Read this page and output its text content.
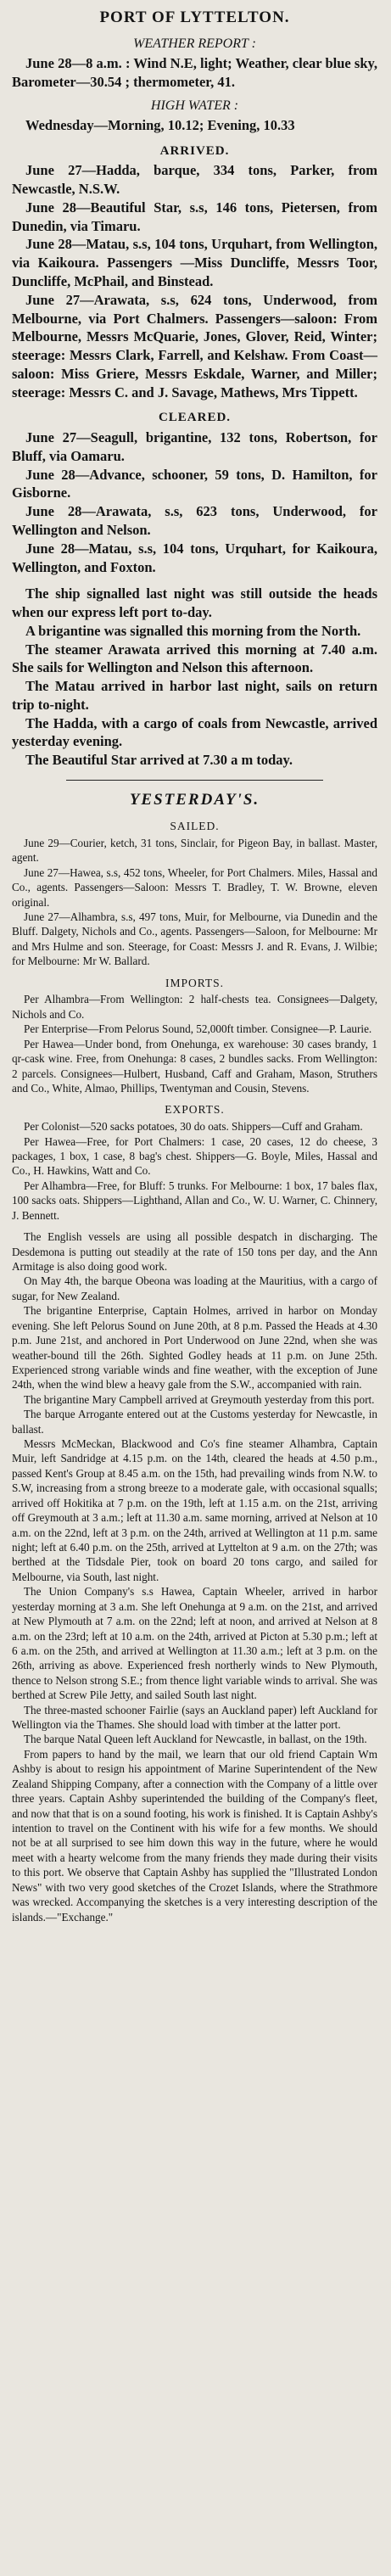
PORT OF LYTTELTON.
WEATHER REPORT :

June 28—8 a.m. : Wind N.E, light; Weather, clear blue sky, Barometer—30.54 ; thermometer, 41.

HIGH WATER :

Wednesday—Morning, 10.12; Evening, 10.33

ARRIVED.

June 27—Hadda, barque, 334 tons, Parker, from Newcastle, N.S.W.

June 28—Beautiful Star, s.s, 146 tons, Pietersen, from Dunedin, via Timaru.

June 28—Matau, s.s, 104 tons, Urquhart, from Wellington, via Kaikoura. Passengers —Miss Duncliffe, Messrs Toor, Duncliffe, McPhail, and Binstead.

June 27—Arawata, s.s, 624 tons, Underwood, from Melbourne, via Port Chalmers. Passengers—saloon: From Melbourne, Messrs McQuarie, Jones, Glover, Reid, Winter; steerage: Messrs Clark, Farrell, and Kelshaw. From Coast—saloon: Miss Griere, Messrs Eskdale, Warner, and Miller; steerage: Messrs C. and J. Savage, Mathews, Mrs Tippett.

CLEARED.

June 27—Seagull, brigantine, 132 tons, Robertson, for Bluff, via Oamaru.

June 28—Advance, schooner, 59 tons, D. Hamilton, for Gisborne.

June 28—Arawata, s.s, 623 tons, Underwood, for Wellington and Nelson.

June 28—Matau, s.s, 104 tons, Urquhart, for Kaikoura, Wellington, and Foxton.

The ship signalled last night was still outside the heads when our express left port to-day.

A brigantine was signalled this morning from the North.

The steamer Arawata arrived this morning at 7.40 a.m. She sails for Wellington and Nelson this afternoon.

The Matau arrived in harbor last night, sails on return trip to-night.

The Hadda, with a cargo of coals from Newcastle, arrived yesterday evening.

The Beautiful Star arrived at 7.30 a m today.

YESTERDAY'S.
SAILED.

June 29—Courier, ketch, 31 tons, Sinclair, for Pigeon Bay, in ballast. Master, agent.

June 27—Hawea, s.s, 452 tons, Wheeler, for Port Chalmers. Miles, Hassal and Co., agents. Passengers—Saloon: Messrs T. Bradley, T. W. Browne, eleven original.

June 27—Alhambra, s.s, 497 tons, Muir, for Melbourne, via Dunedin and the Bluff. Dalgety, Nichols and Co., agents. Passengers—Saloon, for Melbourne: Mr and Mrs Hulme and son. Steerage, for Coast: Messrs J. and R. Evans, J. Wilbie; for Melbourne: Mr W. Ballard.

IMPORTS.

Per Alhambra—From Wellington: 2 half-chests tea. Consignees—Dalgety, Nichols and Co.

Per Enterprise—From Pelorus Sound, 52,000ft timber. Consignee—P. Laurie.

Per Hawea—Under bond, from Onehunga, ex warehouse: 30 cases brandy, 1 qr-cask wine. Free, from Onehunga: 8 cases, 2 bundles sacks. From Wellington: 2 parcels. Consignees—Hulbert, Husband, Caff and Graham, Mason, Struthers and Co., White, Almao, Phillips, Twentyman and Cousin, Stevens.

EXPORTS.

Per Colonist—520 sacks potatoes, 30 do oats. Shippers—Cuff and Graham.

Per Hawea—Free, for Port Chalmers: 1 case, 20 cases, 12 do cheese, 3 packages, 1 box, 1 case, 8 bag's chest. Shippers—G. Boyle, Miles, Hassal and Co., H. Hawkins, Watt and Co.

Per Alhambra—Free, for Bluff: 5 trunks. For Melbourne: 1 box, 17 bales flax, 100 sacks oats. Shippers—Lighthand, Allan and Co., W. U. Warner, C. Chinnery, J. Bennett.

The English vessels are using all possible despatch in discharging. The Desdemona is putting out steadily at the rate of 150 tons per day, and the Ann Armitage is also doing good work.

On May 4th, the barque Obeona was loading at the Mauritius, with a cargo of sugar, for New Zealand.

The brigantine Enterprise, Captain Holmes, arrived in harbor on Monday evening. She left Pelorus Sound on June 20th, at 8 p.m. Passed the Heads at 4.30 p.m. June 21st, and anchored in Port Underwood on June 22nd, when she was weather-bound till the 26th. Sighted Godley heads at 11 p.m. on June 25th. Experienced strong variable winds and fine weather, with the exception of June 24th, when the wind blew a heavy gale from the S.W., accompanied with rain.

The brigantine Mary Campbell arrived at Greymouth yesterday from this port.

The barque Arrogante entered out at the Customs yesterday for Newcastle, in ballast.

Messrs McMeckan, Blackwood and Co's fine steamer Alhambra, Captain Muir, left Sandridge at 4.15 p.m. on the 14th, cleared the heads at 4.50 p.m., passed Kent's Group at 8.45 a.m. on the 15th, had prevailing winds from N.W. to S.W, increasing from a strong breeze to a moderate gale, with occasional squalls; arrived off Hokitika at 7 p.m. on the 19th, left at 1.15 a.m. on the 21st, arriving off Greymouth at 3 a.m.; left at 11.30 a.m. same morning, arrived at Nelson at 10 a.m. on the 22nd, left at 3 p.m. on the 24th, arrived at Wellington at 11 p.m. same night; left at 6.40 p.m. on the 25th, arrived at Lyttelton at 9 a.m. on the 27th; was berthed at the Tidsdale Pier, took on board 20 tons cargo, and sailed for Melbourne, via South, last night.

The Union Company's s.s Hawea, Captain Wheeler, arrived in harbor yesterday morning at 3 a.m. She left Onehunga at 9 a.m. on the 21st, and arrived at New Plymouth at 7 a.m. on the 22nd; left at noon, and arrived at Nelson at 8 a.m. on the 23rd; left at 10 a.m. on the 24th, arrived at Picton at 5.30 p.m.; left at 6 a.m. on the 25th, and arrived at Wellington at 11.30 a.m.; left at 3 p.m. on the 26th, arriving as above. Experienced fresh northerly winds to New Plymouth, thence to Nelson strong S.E.; from thence light variable winds to arrival. She was berthed at Screw Pile Jetty, and sailed South last night.

The three-masted schooner Fairlie (says an Auckland paper) left Auckland for Wellington via the Thames. She should load with timber at the latter port.

The barque Natal Queen left Auckland for Newcastle, in ballast, on the 19th.

From papers to hand by the mail, we learn that our old friend Captain Wm Ashby is about to resign his appointment of Marine Superintendent of the New Zealand Shipping Company, after a connection with the Company of a little over three years. Captain Ashby superintended the building of the Company's fleet, and now that that is on a sound footing, his work is finished. It is Captain Ashby's intention to travel on the Continent with his wife for a few months. We should not be at all surprised to see him down this way in the future, where he would meet with a hearty welcome from the many friends they made during their visits to this port. We observe that Captain Ashby has supplied the "Illustrated London News" with two very good sketches of the Crozet Islands, where the Strathmore was wrecked. Accompanying the sketches is a very interesting description of the islands.—"Exchange."
